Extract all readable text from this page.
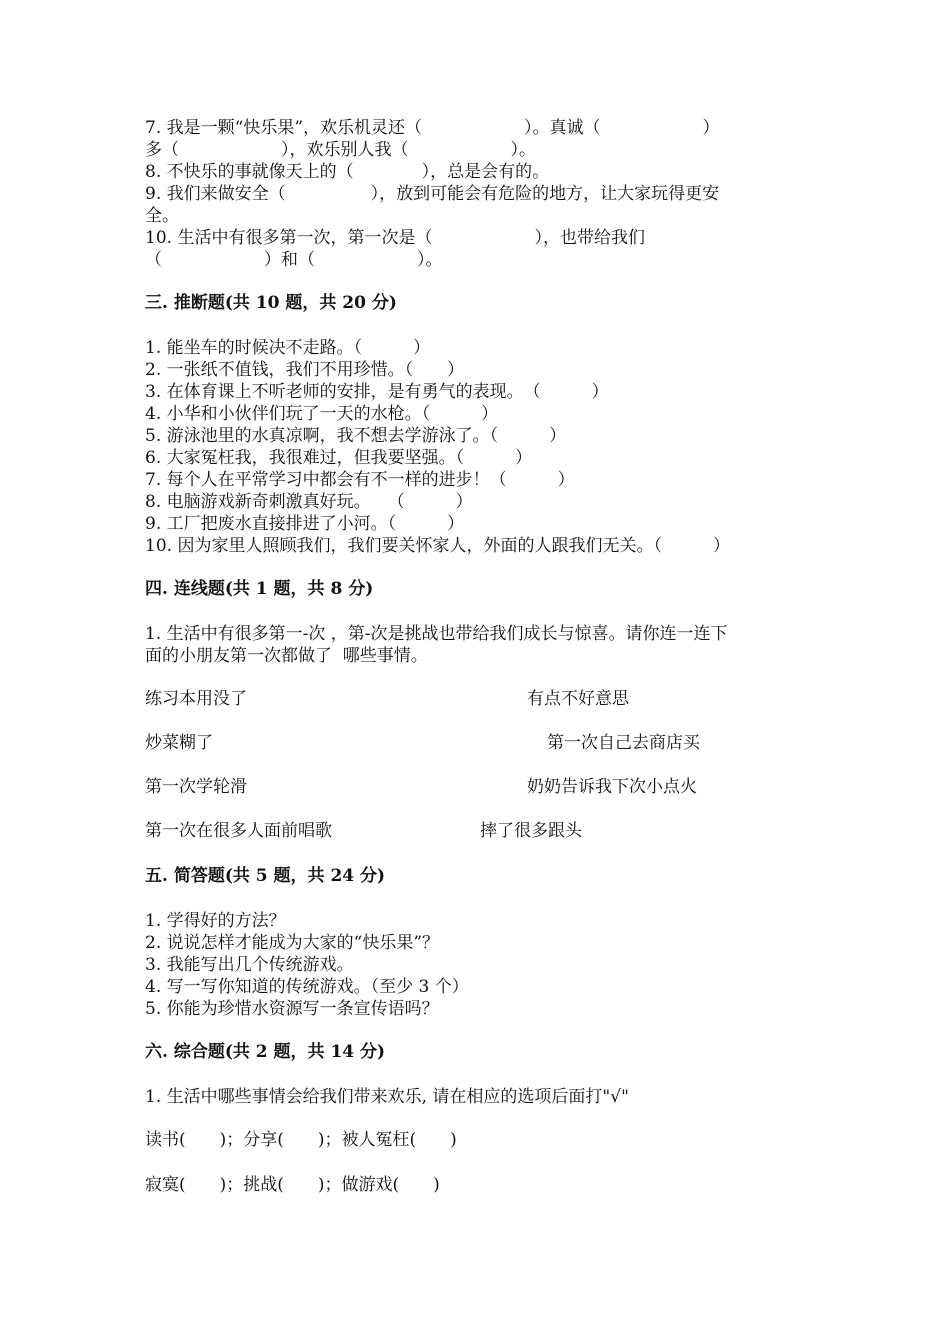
7. 我是一颗“快乐果”，欢乐机灵还（　　　　　　）。真诚（　　　　　　）
多（　　　　　　），欢乐别人我（　　　　　　）。
8. 不快乐的事就像天上的（　　　　），总是会有的。
9. 我们来做安全（　　　　　），放到可能会有危险的地方，让大家玩得更安
全。
10. 生活中有很多第一次，第一次是（　　　　　　），也带给我们
（　　　　　　）和（　　　　　　）。
三. 推断题(共 10 题，共 20 分)
1. 能坐车的时候决不走路。（　　　）
2. 一张纸不值钱，我们不用珍惜。（　　）
3. 在体育课上不听老师的安排，是有勇气的表现。　（　　　）
4. 小华和小伙伴们玩了一天的水枪。（　　　）
5. 游泳池里的水真凉啊，我不想去学游泳了。（　　　）
6. 大家冤枉我，我很难过，但我要坚强。（　　　）
7. 每个人在平常学习中都会有不一样的进步！（　　　）
8. 电脑游戏新奇刺激真好玩。　　（　　　）
9. 工厂把废水直接排进了小河。（　　　）
10. 因为家里人照顾我们，我们要关怀家人，外面的人跟我们无关。（　　　）
四. 连线题(共 1 题，共 8 分)
1. 生活中有很多第一-次 ，第-次是挑战也带给我们成长与惊喜。请你连一连下
面的小朋友第一次都做了  哪些事情。
练习本用没了	有点不好意思
炒菜糊了	第一次自己去商店买
第一次学轮滑	奶奶告诉我下次小点火
第一次在很多人面前唱歌	摔了很多跟头
五. 简答题(共 5 题，共 24 分)
1. 学得好的方法？
2. 说说怎样才能成为大家的“快乐果”？
3. 我能写出几个传统游戏。
4. 写一写你知道的传统游戏。（至少 3 个）
5. 你能为珍惜水资源写一条宣传语吗？
六. 综合题(共 2 题，共 14 分)
1. 生活中哪些事情会给我们带来欢乐, 请在相应的选项后面打"√"
读书(　　)；分享(　　)；被人冤枉(　　)
寂寞(　　)；挑战(　　)；做游戏(　　)
